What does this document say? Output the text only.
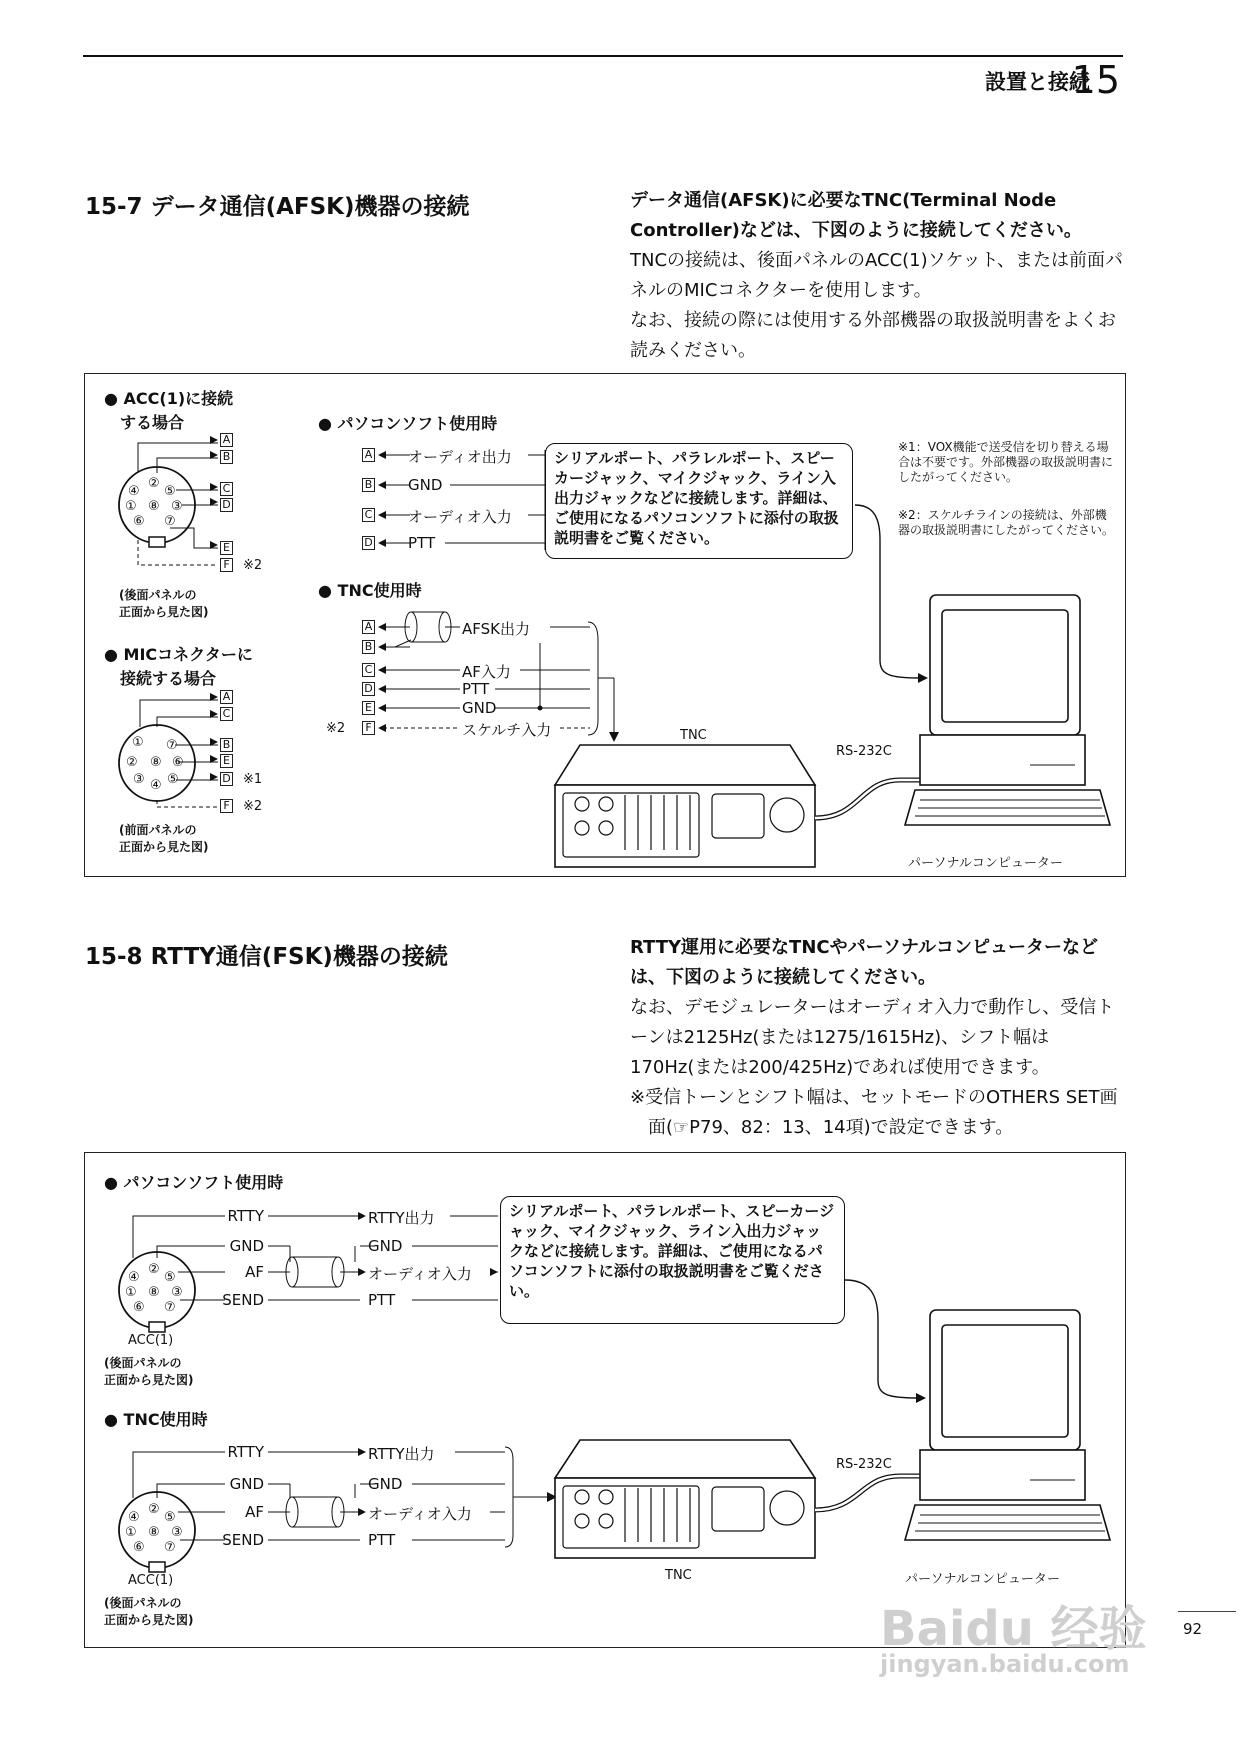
設置と接続
15
15-7 データ通信(AFSK)機器の接続	データ通信(AFSK)に必要なTNC(Terminal Node Controller)などは、下図のように接続してください。
TNCの接続は、後面パネルのACC(1)ソケット、または前面パネルのMICコネクターを使用します。
なお、接続の際には使用する外部機器の取扱説明書をよくお読みください。
● ACC(1)に接続
する場合
(後面パネルの
正面から見た図)
● MICコネクターに
接続する場合
(前面パネルの
正面から見た図)
A
B
C
D
E
F ※2
②
④ ⑤
① ⑧ ③
⑥ ⑦
A
C
B
E
D
F
※1
※2
① ⑦
② ⑧ ⑥
③ ④ ⑤
● パソコンソフト使用時
A オーディオ出力
B GND
C オーディオ入力
D PTT
シリアルポート、パラレルポート、スピーカージャック、マイクジャック、ライン入出力ジャックなどに接続します。詳細は、ご使用になるパソコンソフトに添付の取扱説明書をご覧ください。
※1：VOX機能で送受信を切り替える場合は不要です。外部機器の取扱説明書にしたがってください。
※2：スケルチラインの接続は、外部機器の取扱説明書にしたがってください。
● TNC使用時
A	AFSK出力
B
C	AF入力
D	PTT
E	GND
F	スケルチ入力
※2	TNC
RS-232C
パーソナルコンピューター
15-8 RTTY通信(FSK)機器の接続	RTTY運用に必要なTNCやパーソナルコンピューターなどは、下図のように接続してください。
なお、デモジュレーターはオーディオ入力で動作し、受信トーンは2125Hz(または1275/1615Hz)、シフト幅は170Hz(または200/425Hz)であれば使用できます。
※受信トーンとシフト幅は、セットモードのOTHERS SET画面(☞P79、82：13、14項)で設定できます。
● パソコンソフト使用時
RTTY
GND
AF
SEND
RTTY出力
GND
オーディオ入力
PTT
シリアルポート、パラレルポート、スピーカージャック、マイクジャック、ライン入出力ジャックなどに接続します。詳細は、ご使用になるパソコンソフトに添付の取扱説明書をご覧ください。
ACC(1)
(後面パネルの
正面から見た図)
②
④ ⑤
① ⑧ ③
⑥ ⑦
● TNC使用時
RTTY
GND
AF
SEND
RTTY出力
GND
オーディオ入力
PTT
ACC(1)
(後面パネルの
正面から見た図)
RS-232C
TNC	パーソナルコンピューター
②
④ ⑤
① ⑧ ③
⑥ ⑦
Baidu 经验
jingyan.baidu.com
92
